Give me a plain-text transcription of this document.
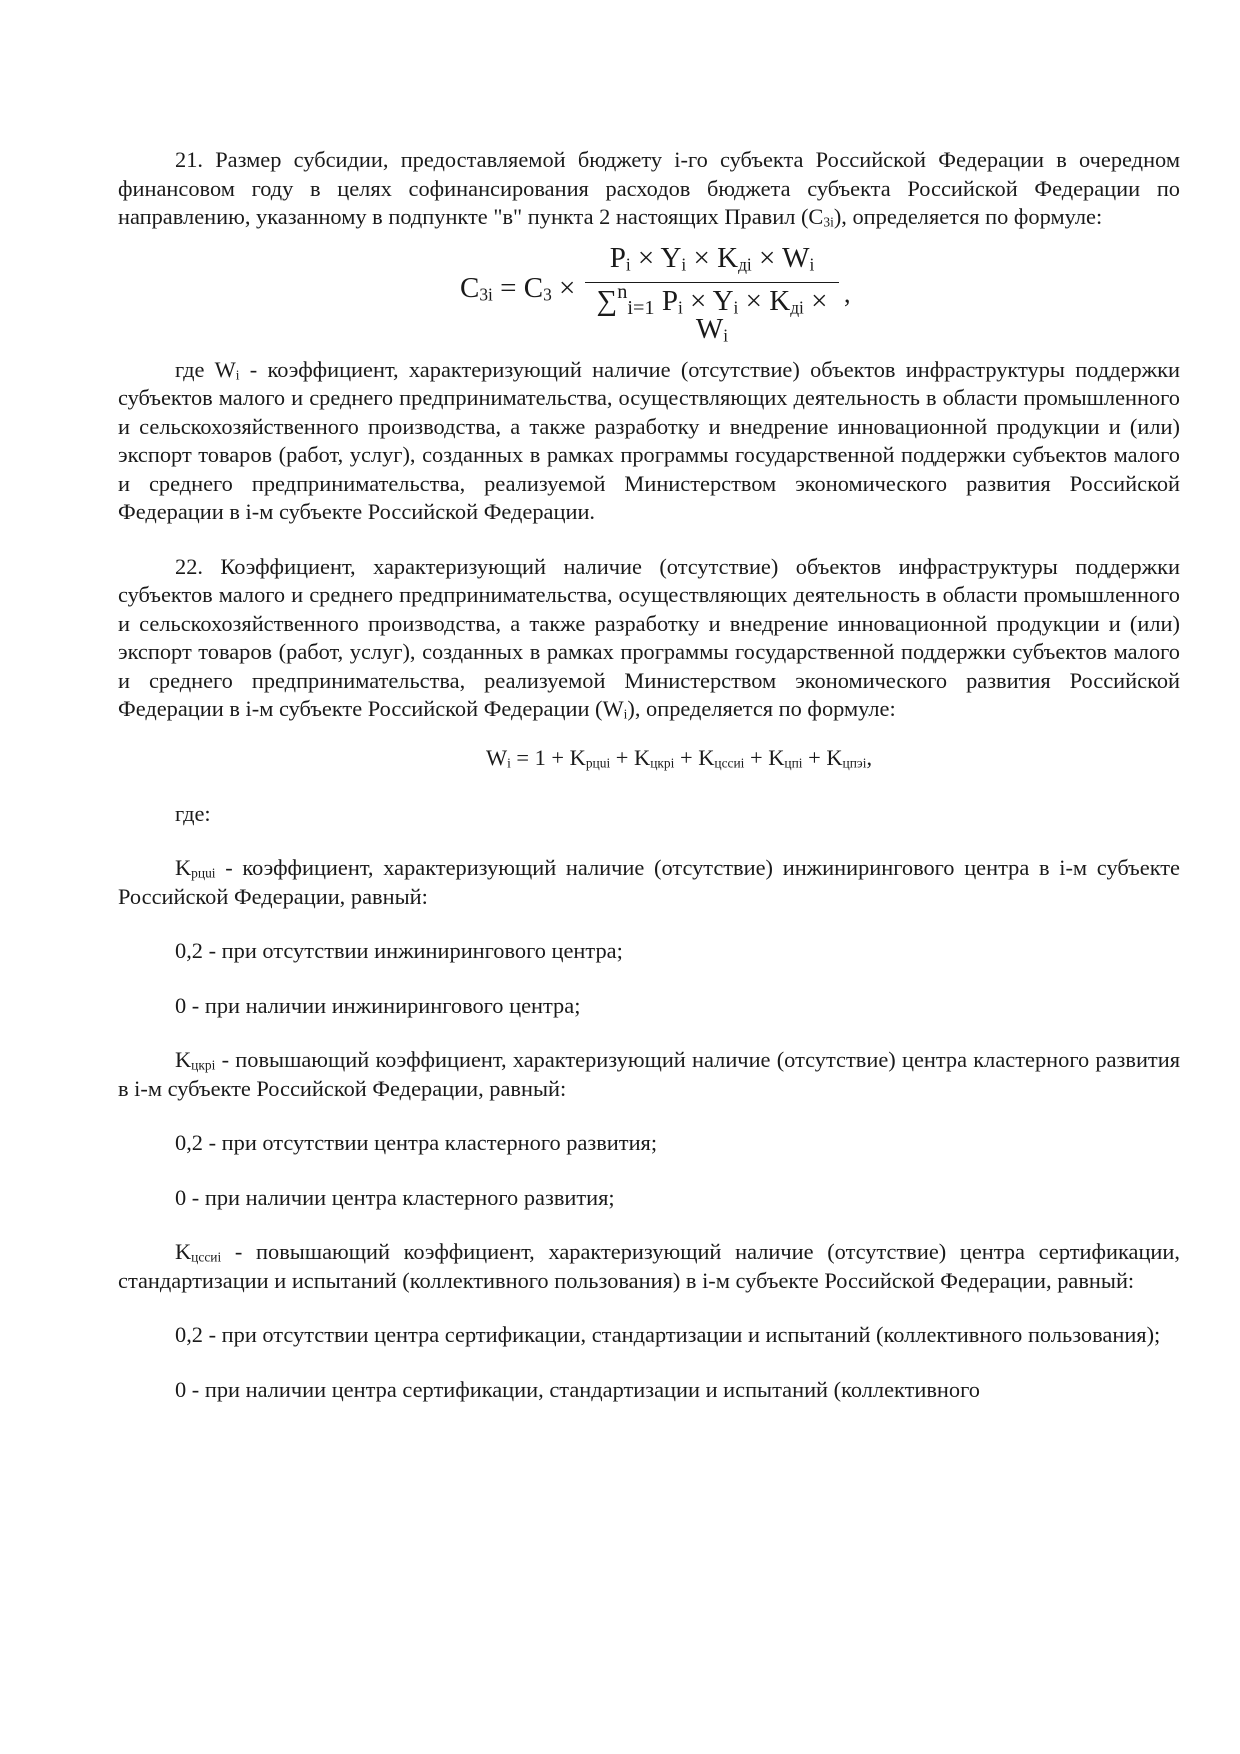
21. Размер субсидии, предоставляемой бюджету i-го субъекта Российской Федерации в очередном финансовом году в целях софинансирования расходов бюджета субъекта Российской Федерации по направлению, указанному в подпункте "в" пункта 2 настоящих Правил $(С_{3i})$, определяется по формуле:

$C_{3i} = C_3$ ×
$P_i \times Y_i \times K_{дi} \times W_i$
∑$^n_{i=1}$ $P_i \times Y_i \times K_{дi} \times W_i$
,

где $W_i$ - коэффициент, характеризующий наличие (отсутствие) объектов инфраструктуры поддержки субъектов малого и среднего предпринимательства, осуществляющих деятельность в области промышленного и сельскохозяйственного производства, а также разработку и внедрение инновационной продукции и (или) экспорт товаров (работ, услуг), созданных в рамках программы государственной поддержки субъектов малого и среднего предпринимательства, реализуемой Министерством экономического развития Российской Федерации в i-м субъекте Российской Федерации.

22. Коэффициент, характеризующий наличие (отсутствие) объектов инфраструктуры поддержки субъектов малого и среднего предпринимательства, осуществляющих деятельность в области промышленного и сельскохозяйственного производства, а также разработку и внедрение инновационной продукции и (или) экспорт товаров (работ, услуг), созданных в рамках программы государственной поддержки субъектов малого и среднего предпринимательства, реализуемой Министерством экономического развития Российской Федерации в i-м субъекте Российской Федерации $(W_i)$, определяется по формуле:

$W_i = 1 + K_{рцuі} + K_{цкрi} + K_{цссиi} + K_{цпi} + K_{цпэi}$,

где:

$K_{рцuі}$ - коэффициент, характеризующий наличие (отсутствие) инжинирингового центра в i-м субъекте Российской Федерации, равный:

0,2 - при отсутствии инжинирингового центра;

0 - при наличии инжинирингового центра;

$K_{цкрi}$ - повышающий коэффициент, характеризующий наличие (отсутствие) центра кластерного развития в i-м субъекте Российской Федерации, равный:

0,2 - при отсутствии центра кластерного развития;

0 - при наличии центра кластерного развития;

$K_{цссиi}$ - повышающий коэффициент, характеризующий наличие (отсутствие) центра сертификации, стандартизации и испытаний (коллективного пользования) в i-м субъекте Российской Федерации, равный:

0,2 - при отсутствии центра сертификации, стандартизации и испытаний (коллективного пользования);

0 - при наличии центра сертификации, стандартизации и испытаний (коллективного
